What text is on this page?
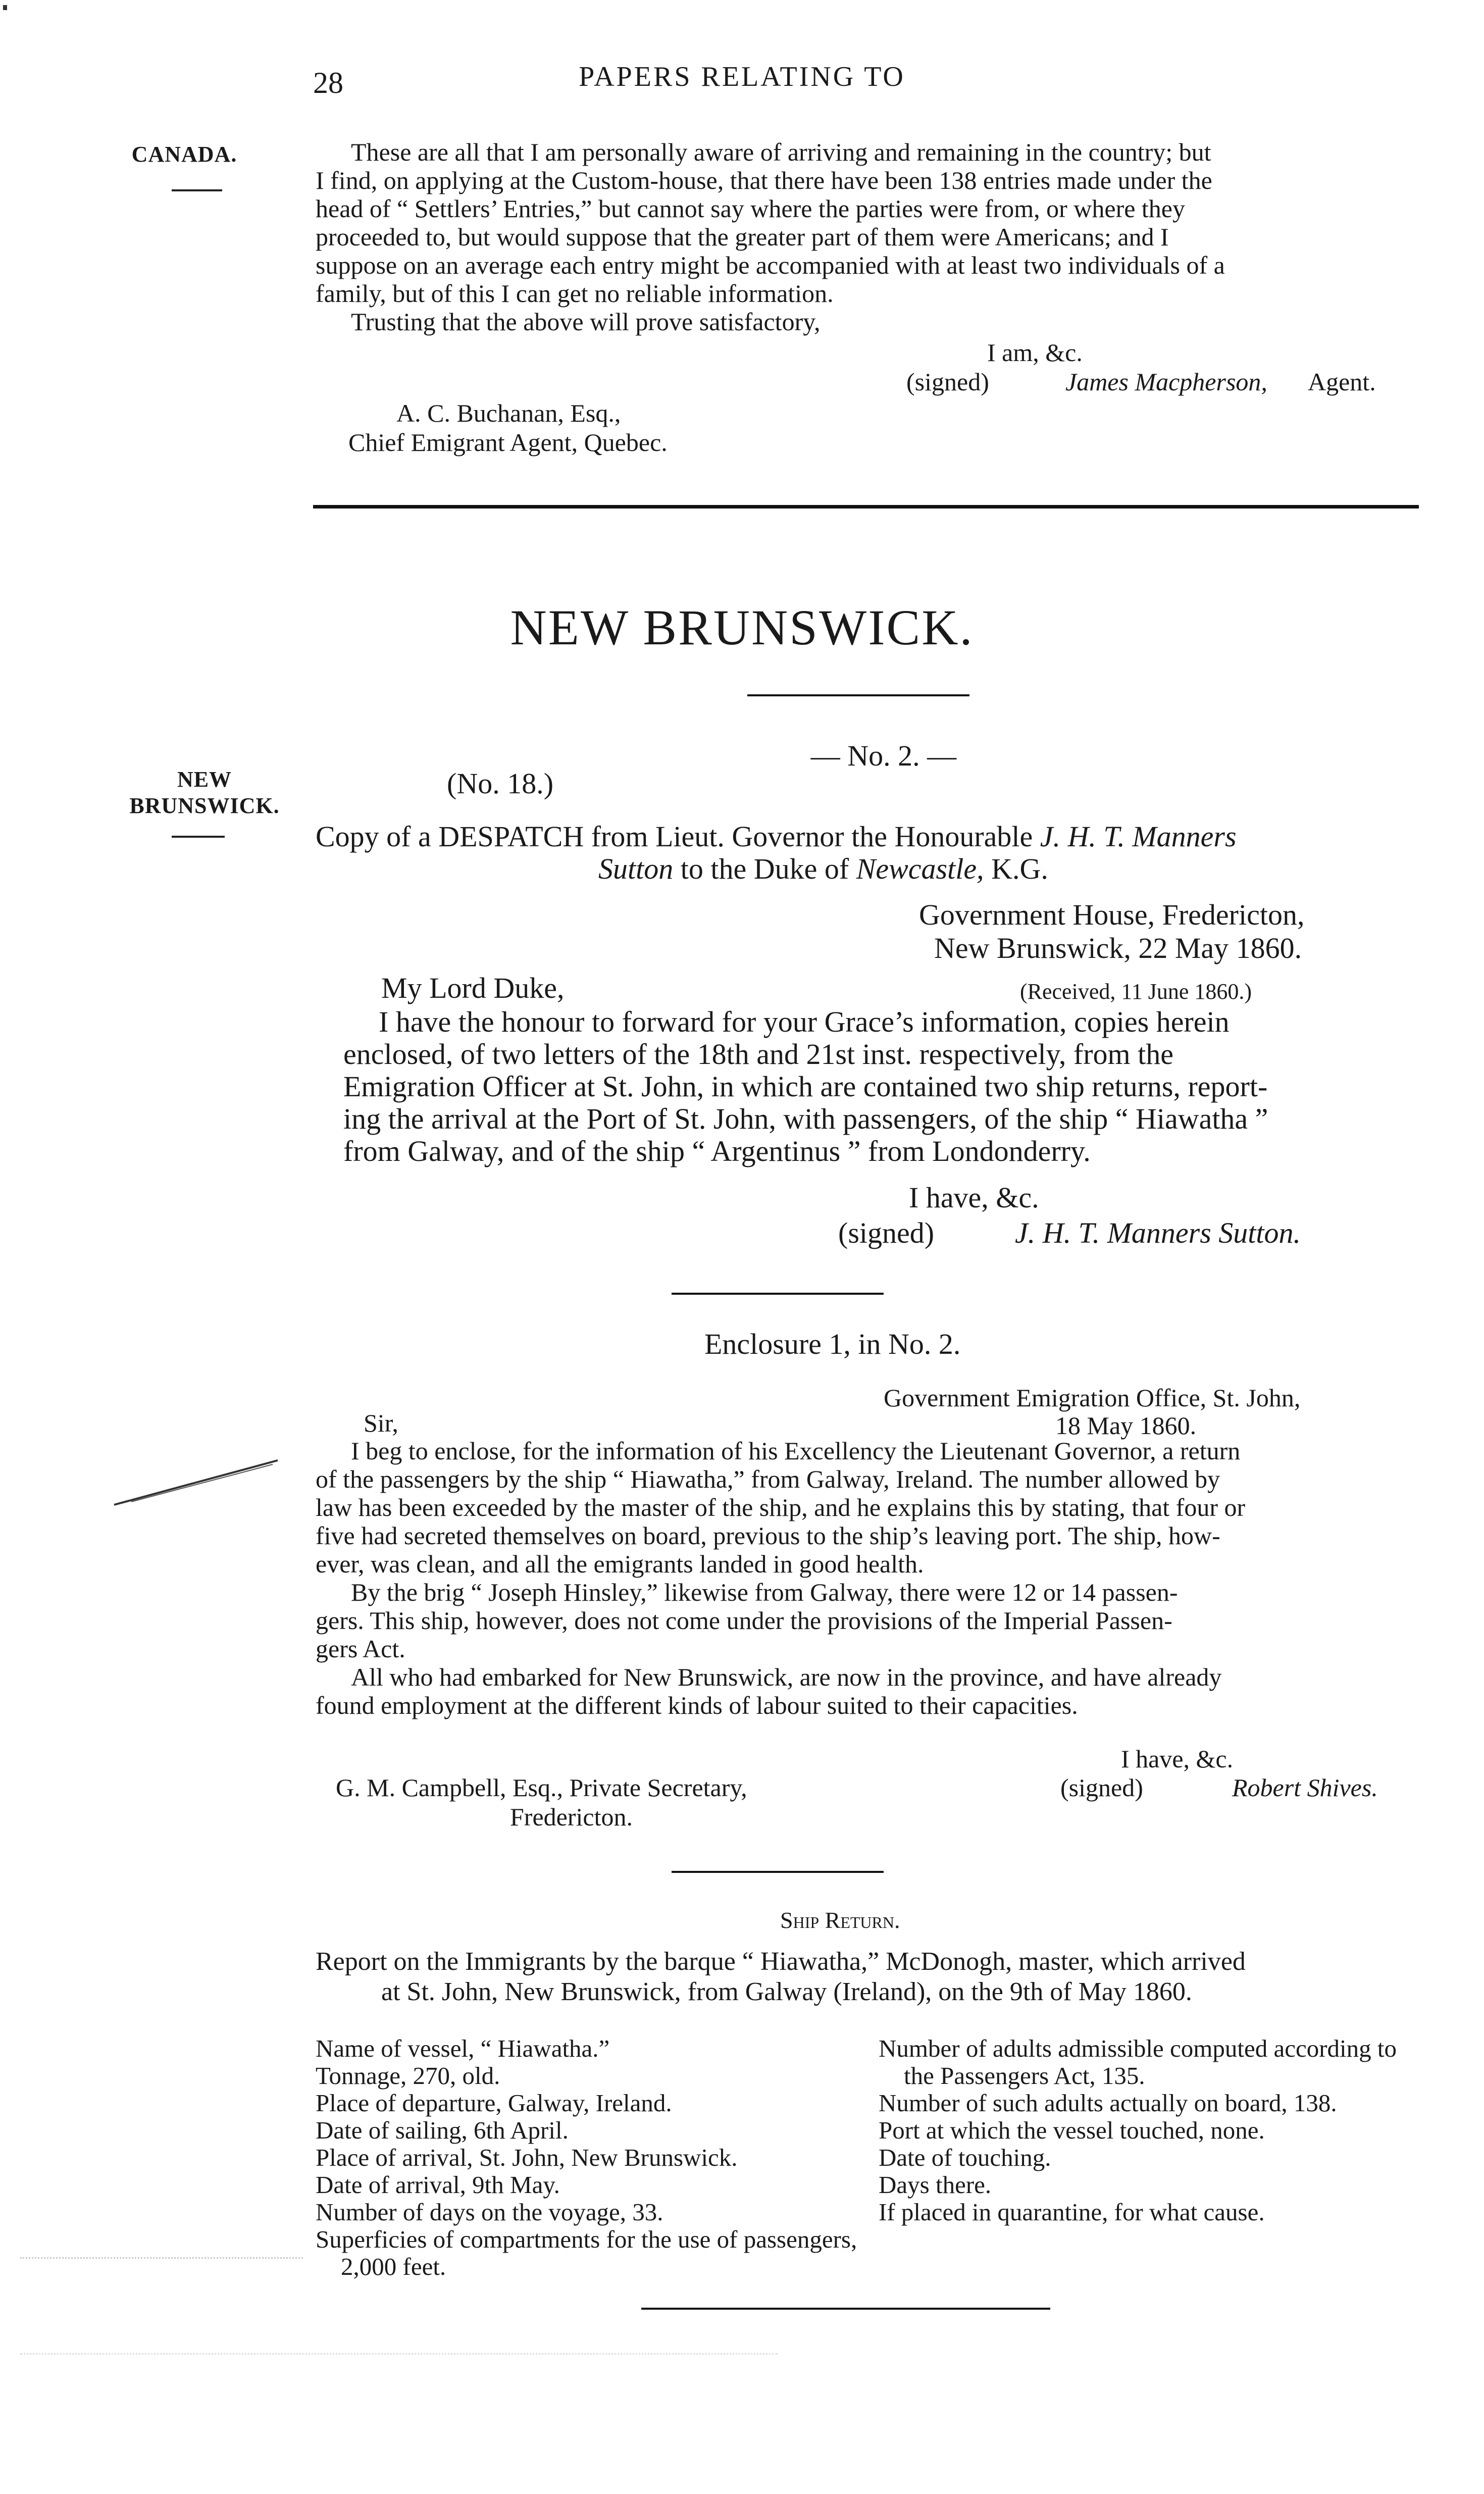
28	PAPERS RELATING TO
CANADA.	These are all that I am personally aware of arriving and remaining in the country; but
I find, on applying at the Custom-house, that there have been 138 entries made under the
head of “ Settlers’ Entries,” but cannot say where the parties were from, or where they
proceeded to, but would suppose that the greater part of them were Americans; and I
suppose on an average each entry might be accompanied with at least two individuals of a
family, but of this I can get no reliable information.
Trusting that the above will prove satisfactory,
I am, &c.
(signed)	James Macpherson, Agent.
A. C. Buchanan, Esq.,
Chief Emigrant Agent, Quebec.
NEW BRUNSWICK.
— No. 2. —
NEW
BRUNSWICK.
(No. 18.)
Copy of a DESPATCH from Lieut. Governor the Honourable J. H. T. Manners
Sutton to the Duke of Newcastle, K.G.
Government House, Fredericton,
New Brunswick, 22 May 1860.
My Lord Duke,	(Received, 11 June 1860.)
I have the honour to forward for your Grace’s information, copies herein
enclosed, of two letters of the 18th and 21st inst. respectively, from the
Emigration Officer at St. John, in which are contained two ship returns, report-
ing the arrival at the Port of St. John, with passengers, of the ship “ Hiawatha ”
from Galway, and of the ship “ Argentinus ” from Londonderry.
I have, &c.
(signed)	J. H. T. Manners Sutton.
Enclosure 1, in No. 2.
Government Emigration Office, St. John,
18 May 1860.
Sir,
I beg to enclose, for the information of his Excellency the Lieutenant Governor, a return
of the passengers by the ship “ Hiawatha,” from Galway, Ireland. The number allowed by
law has been exceeded by the master of the ship, and he explains this by stating, that four or
five had secreted themselves on board, previous to the ship’s leaving port. The ship, how-
ever, was clean, and all the emigrants landed in good health.
By the brig “ Joseph Hinsley,” likewise from Galway, there were 12 or 14 passen-
gers. This ship, however, does not come under the provisions of the Imperial Passen-
gers Act.
All who had embarked for New Brunswick, are now in the province, and have already
found employment at the different kinds of labour suited to their capacities.
I have, &c.
(signed)	Robert Shives.
G. M. Campbell, Esq., Private Secretary,
Fredericton.
Ship Return.
Report on the Immigrants by the barque “ Hiawatha,” McDonogh, master, which arrived
at St. John, New Brunswick, from Galway (Ireland), on the 9th of May 1860.

Name of vessel, “ Hiawatha.”

Tonnage, 270, old.

Place of departure, Galway, Ireland.

Date of sailing, 6th April.

Place of arrival, St. John, New Brunswick.

Date of arrival, 9th May.

Number of days on the voyage, 33.

Superficies of compartments for the use of passengers, 2,000 feet.

Number of adults admissible computed according to the Passengers Act, 135.

Number of such adults actually on board, 138.

Port at which the vessel touched, none.

Date of touching.

Days there.

If placed in quarantine, for what cause.
